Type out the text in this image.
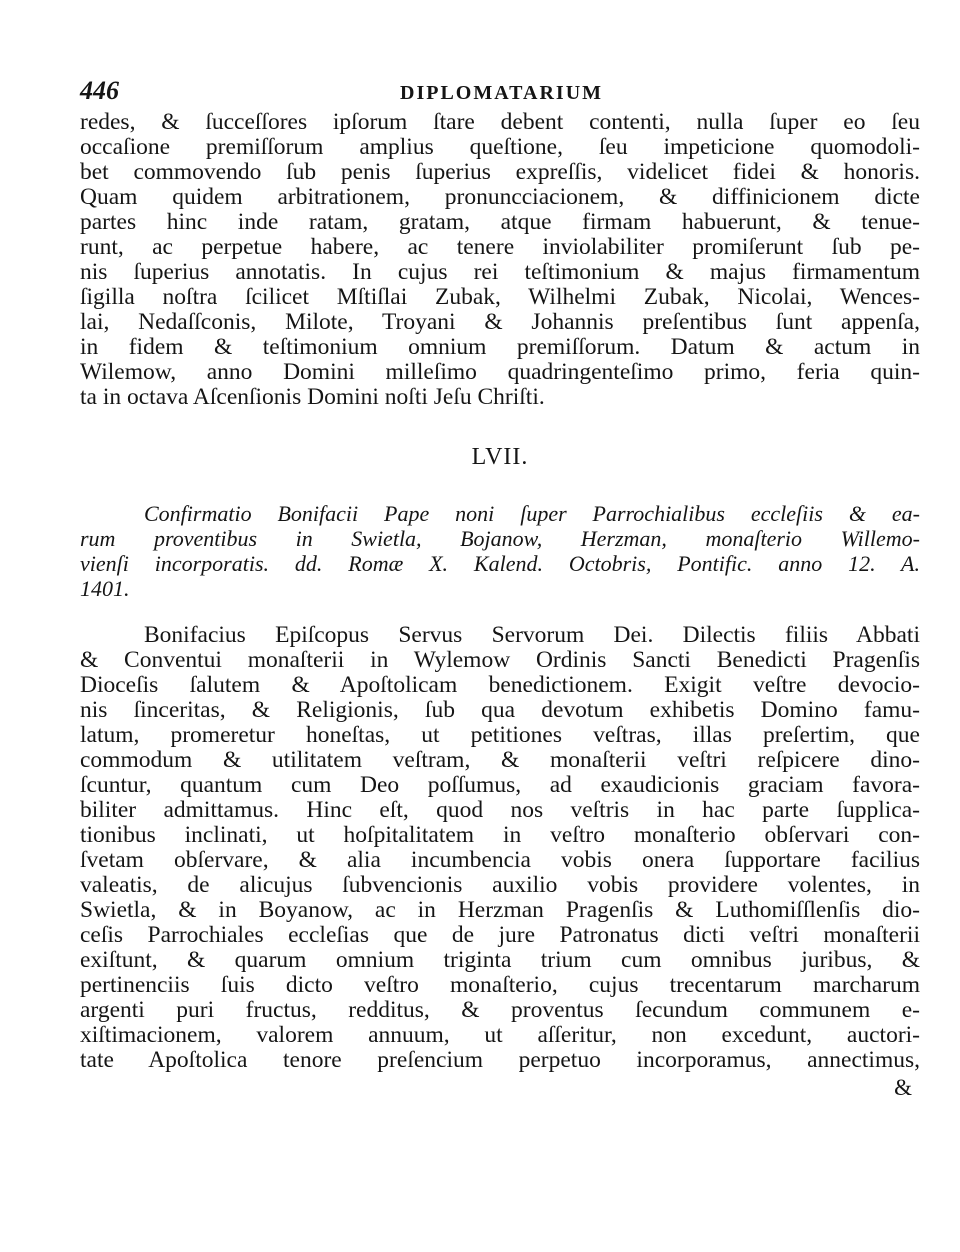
446	DIPLOMATARIUM
redes, & ſucceſſores ipſorum ſtare debent contenti, nulla ſuper eo ſeu
occaſione premiſſorum amplius queſtione, ſeu impeticione quomodoli-
bet commovendo ſub penis ſuperius expreſſis, videlicet fidei & honoris.
Quam quidem arbitrationem, pronuncciacionem, & diffinicionem dicte
partes hinc inde ratam, gratam, atque firmam habuerunt, & tenue-
runt, ac perpetue habere, ac tenere inviolabiliter promiſerunt ſub pe-
nis ſuperius annotatis. In cujus rei teſtimonium & majus firmamentum
ſigilla noſtra ſcilicet Mſtiſlai Zubak, Wilhelmi Zubak, Nicolai, Wences-
lai, Nedaſſconis, Milote, Troyani & Johannis preſentibus ſunt appenſa,
in fidem & teſtimonium omnium premiſſorum. Datum & actum in
Wilemow, anno Domini milleſimo quadringenteſimo primo, feria quin-
ta in octava Aſcenſionis Domini noſti Jeſu Chriſti.
LVII.
Confirmatio Bonifacii Pape noni ſuper Parrochialibus eccleſiis & ea-
rum proventibus in Swietla, Bojanow, Herzman, monaſterio Willemo-
vienſi incorporatis. dd. Romæ X. Kalend. Octobris, Pontific. anno 12. A.
1401.
Bonifacius Epiſcopus Servus Servorum Dei. Dilectis filiis Abbati
& Conventui monaſterii in Wylemow Ordinis Sancti Benedicti Pragenſis
Dioceſis ſalutem & Apoſtolicam benedictionem. Exigit veſtre devocio-
nis ſinceritas, & Religionis, ſub qua devotum exhibetis Domino famu-
latum, promeretur honeſtas, ut petitiones veſtras, illas preſertim, que
commodum & utilitatem veſtram, & monaſterii veſtri reſpicere dino-
ſcuntur, quantum cum Deo poſſumus, ad exaudicionis graciam favora-
biliter admittamus. Hinc eſt, quod nos veſtris in hac parte ſupplica-
tionibus inclinati, ut hoſpitalitatem in veſtro monaſterio obſervari con-
ſvetam obſervare, & alia incumbencia vobis onera ſupportare facilius
valeatis, de alicujus ſubvencionis auxilio vobis providere volentes, in
Swietla, & in Boyanow, ac in Herzman Pragenſis & Luthomiſſlenſis dio-
ceſis Parrochiales eccleſias que de jure Patronatus dicti veſtri monaſterii
exiſtunt, & quarum omnium triginta trium cum omnibus juribus, &
pertinenciis ſuis dicto veſtro monaſterio, cujus trecentarum marcharum
argenti puri fructus, redditus, & proventus ſecundum communem e-
xiſtimacionem, valorem annuum, ut aſſeritur, non excedunt, auctori-
tate Apoſtolica tenore preſencium perpetuo incorporamus, annectimus,
&
